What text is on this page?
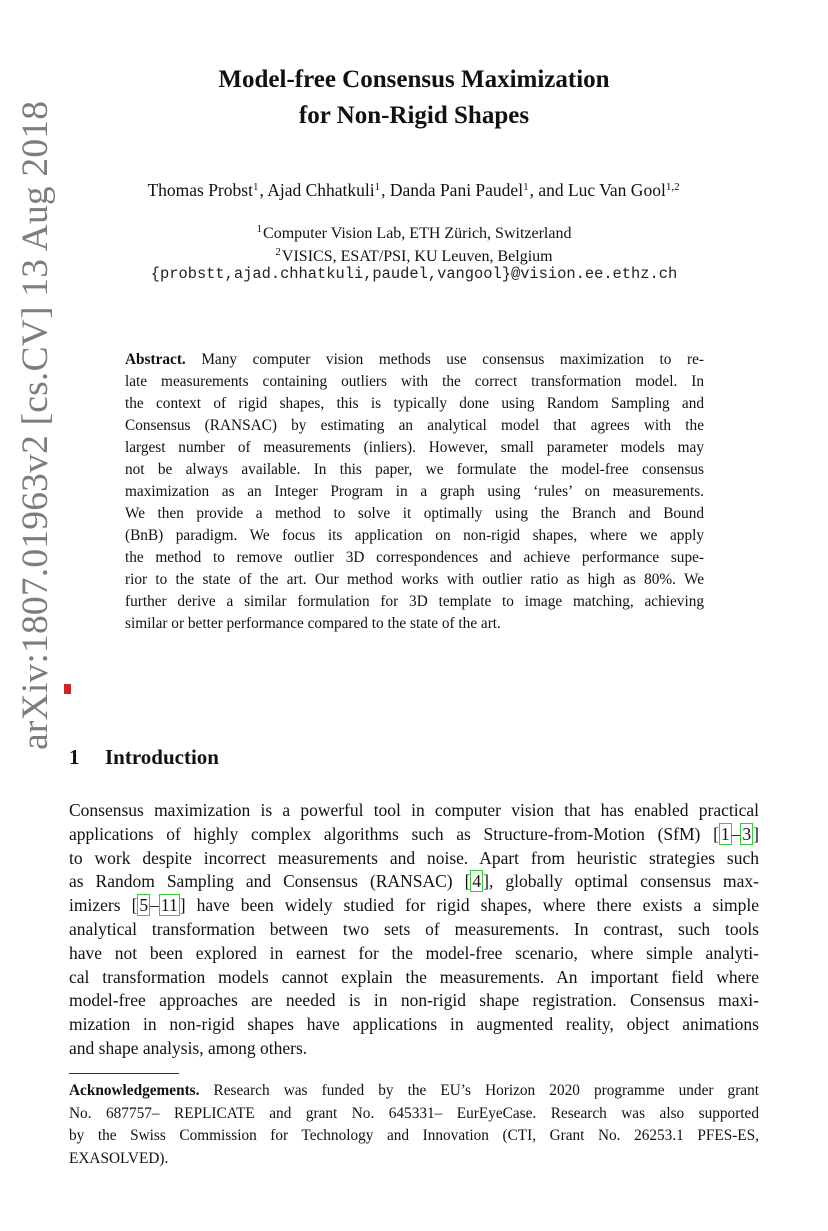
arXiv:1807.01963v2 [cs.CV] 13 Aug 2018
Model-free Consensus Maximization
for Non-Rigid Shapes
Thomas Probst$^1$, Ajad Chhatkuli$^1$, Danda Pani Paudel$^1$, and Luc Van Gool$^{1,2}$
$^1$Computer Vision Lab, ETH Zürich, Switzerland
$^2$VISICS, ESAT/PSI, KU Leuven, Belgium
{probstt,ajad.chhatkuli,paudel,vangool}@vision.ee.ethz.ch
Abstract. Many computer vision methods use consensus maximization to re-
late measurements containing outliers with the correct transformation model. In
the context of rigid shapes, this is typically done using Random Sampling and
Consensus (RANSAC) by estimating an analytical model that agrees with the
largest number of measurements (inliers). However, small parameter models may
not be always available. In this paper, we formulate the model-free consensus
maximization as an Integer Program in a graph using ‘rules’ on measurements.
We then provide a method to solve it optimally using the Branch and Bound
(BnB) paradigm. We focus its application on non-rigid shapes, where we apply
the method to remove outlier 3D correspondences and achieve performance supe-
rior to the state of the art. Our method works with outlier ratio as high as 80%. We
further derive a similar formulation for 3D template to image matching, achieving
similar or better performance compared to the state of the art.
1 Introduction
Consensus maximization is a powerful tool in computer vision that has enabled practical
applications of highly complex algorithms such as Structure-from-Motion (SfM) [ 1 – 3 ]
to work despite incorrect measurements and noise. Apart from heuristic strategies such
as Random Sampling and Consensus (RANSAC) [ 4 ], globally optimal consensus max-
imizers [ 5 – 11 ] have been widely studied for rigid shapes, where there exists a simple
analytical transformation between two sets of measurements. In contrast, such tools
have not been explored in earnest for the model-free scenario, where simple analyti-
cal transformation models cannot explain the measurements. An important field where
model-free approaches are needed is in non-rigid shape registration. Consensus maxi-
mization in non-rigid shapes have applications in augmented reality, object animations
and shape analysis, among others.
Acknowledgements. Research was funded by the EU’s Horizon 2020 programme under grant
No. 687757– REPLICATE and grant No. 645331– EurEyeCase. Research was also supported
by the Swiss Commission for Technology and Innovation (CTI, Grant No. 26253.1 PFES-ES,
EXASOLVED).
